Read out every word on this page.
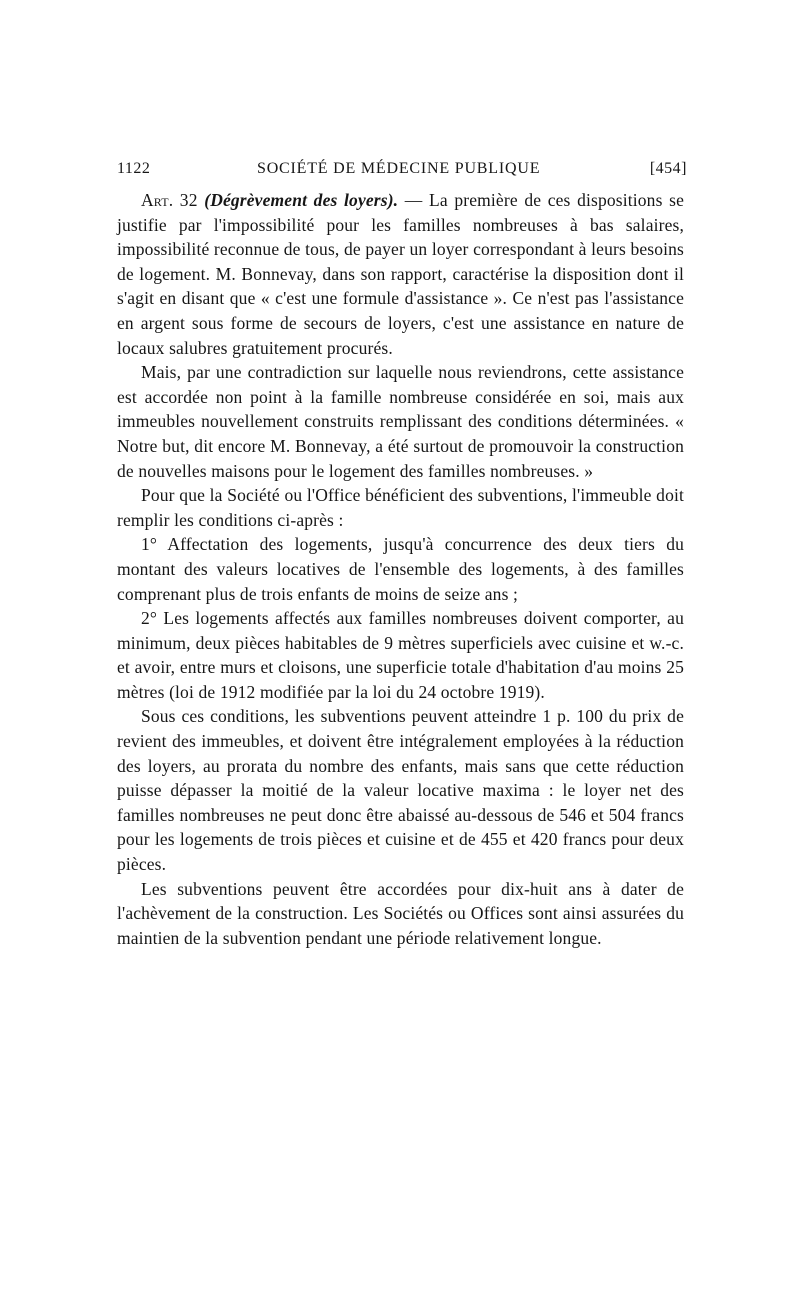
1122	SOCIÉTÉ DE MÉDECINE PUBLIQUE	[454]

Art. 32 (Dégrèvement des loyers). — La première de ces dispositions se justifie par l'impossibilité pour les familles nombreuses à bas salaires, impossibilité reconnue de tous, de payer un loyer correspondant à leurs besoins de logement. M. Bonnevay, dans son rapport, caractérise la disposition dont il s'agit en disant que « c'est une formule d'assistance ». Ce n'est pas l'assistance en argent sous forme de secours de loyers, c'est une assistance en nature de locaux salubres gratuitement procurés.

Mais, par une contradiction sur laquelle nous reviendrons, cette assistance est accordée non point à la famille nombreuse considérée en soi, mais aux immeubles nouvellement construits remplissant des conditions déterminées. « Notre but, dit encore M. Bonnevay, a été surtout de promouvoir la construction de nouvelles maisons pour le logement des familles nombreuses. »

Pour que la Société ou l'Office bénéficient des subventions, l'immeuble doit remplir les conditions ci-après :

1° Affectation des logements, jusqu'à concurrence des deux tiers du montant des valeurs locatives de l'ensemble des logements, à des familles comprenant plus de trois enfants de moins de seize ans ;

2° Les logements affectés aux familles nombreuses doivent comporter, au minimum, deux pièces habitables de 9 mètres superficiels avec cuisine et w.-c. et avoir, entre murs et cloisons, une superficie totale d'habitation d'au moins 25 mètres (loi de 1912 modifiée par la loi du 24 octobre 1919).

Sous ces conditions, les subventions peuvent atteindre 1 p. 100 du prix de revient des immeubles, et doivent être intégralement employées à la réduction des loyers, au prorata du nombre des enfants, mais sans que cette réduction puisse dépasser la moitié de la valeur locative maxima : le loyer net des familles nombreuses ne peut donc être abaissé au-dessous de 546 et 504 francs pour les logements de trois pièces et cuisine et de 455 et 420 francs pour deux pièces.

Les subventions peuvent être accordées pour dix-huit ans à dater de l'achèvement de la construction. Les Sociétés ou Offices sont ainsi assurées du maintien de la subvention pendant une période relativement longue.
